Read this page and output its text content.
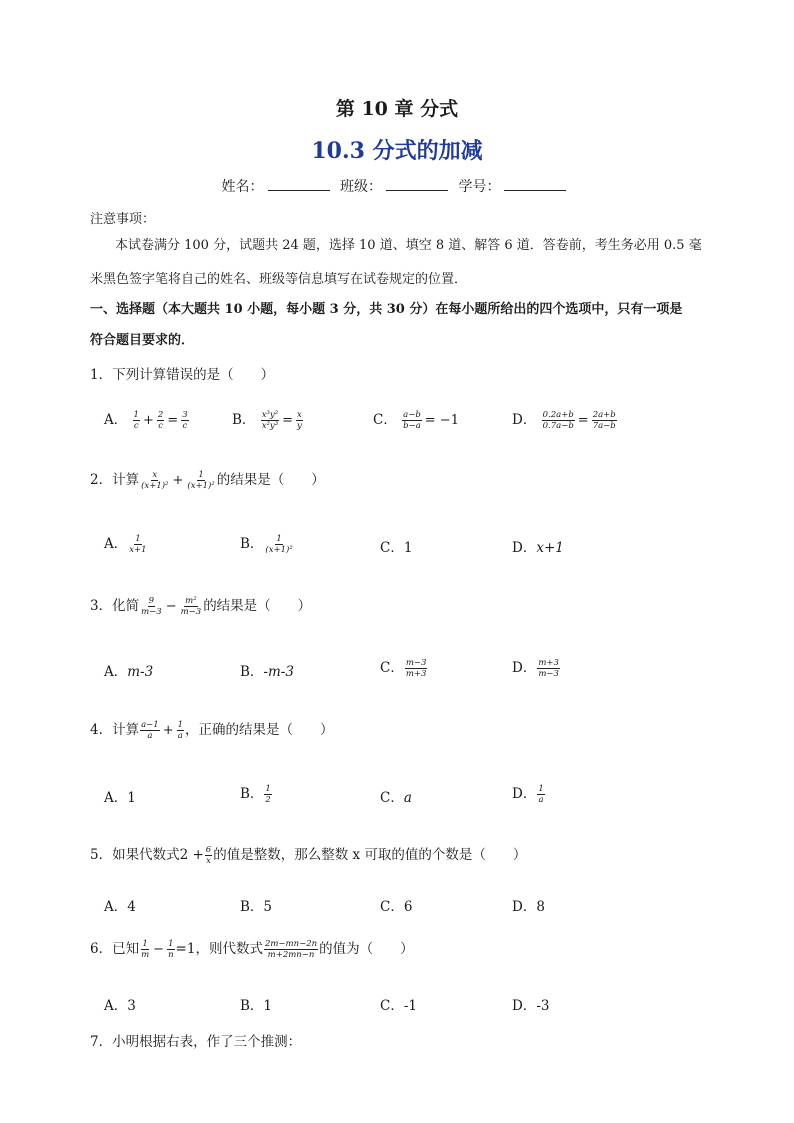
第 10 章 分式
10.3 分式的加减
姓名：	班级：	学号：
注意事项：
本试卷满分 100 分，试题共 24 题，选择 10 道、填空 8 道、解答 6 道．答卷前，考生务必用 0.5 毫
米黑色签字笔将自己的姓名、班级等信息填写在试卷规定的位置．
一、选择题（本大题共 10 小题，每小题 3 分，共 30 分）在每小题所给出的四个选项中，只有一项是
符合题目要求的．
1．下列计算错误的是（　　）
A． $\frac{1}{c} + \frac{2}{c} = \frac{3}{c}$	B． $\frac{\text{x³y²}}{\text{x²y³}} = \frac{x}{y}$	C． $\frac{a-b}{b-a} = -1$	D． $\frac{0.2a+b}{0.7a-b} = \frac{2a+b}{7a-b}$
2．计算 $\frac{x}{\text{(x+1)²}} + \frac{1}{\text{(x+1)²}}$ 的结果是（　　）
A． $\frac{1}{x+1}$	B． $\frac{1}{\text{(x+1)²}}$	C．1	D．x+1
3．化简 $\frac{9}{m-3} - \frac{\text{m²}}{m-3}$ 的结果是（　　）
A．m-3	B．-m-3	C． $\frac{m-3}{m+3}$	D． $\frac{m+3}{m-3}$
4．计算 $\frac{a-1}{a} + \frac{1}{a}$ ，正确的结果是（　　）
A．1	B． $\frac{1}{2}$	C．a	D． $\frac{1}{a}$
5．如果代数式$2 + \frac{6}{x}$ 的值是整数，那么整数 x 可取的值的个数是（　　）
A．4	B．5	C．6	D．8
6．已知 $\frac{1}{m} - \frac{1}{n} =1$，则代数式 $\frac{2m-mn-2n}{m+2mn-n}$ 的值为（　　）
A．3	B．1	C．-1	D．-3
7．小明根据右表，作了三个推测：
